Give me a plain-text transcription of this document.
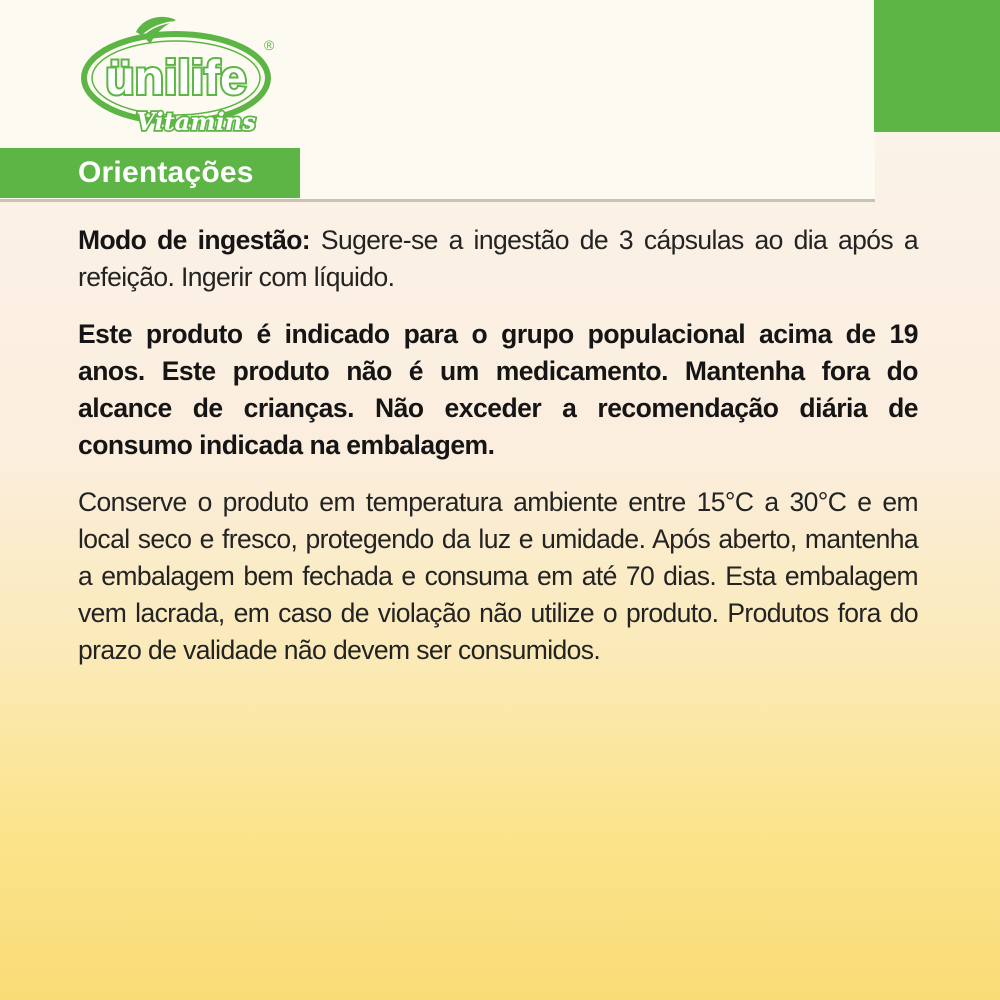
ünilife
Vitamins
®
Orientações

Modo de ingestão: Sugere-se a ingestão de 3 cápsulas ao dia após a refeição. Ingerir com líquido.

Este produto é indicado para o grupo populacional acima de 19 anos. Este produto não é um medicamento. Mantenha fora do alcance de crianças. Não exceder a recomendação diária de consumo indicada na embalagem.

Conserve o produto em temperatura ambiente entre 15°C a 30°C e em local seco e fresco, protegendo da luz e umidade. Após aberto, mantenha a embalagem bem fechada e consuma em até 70 dias. Esta embalagem vem lacrada, em caso de violação não utilize o produto. Produtos fora do prazo de validade não devem ser consumidos.
